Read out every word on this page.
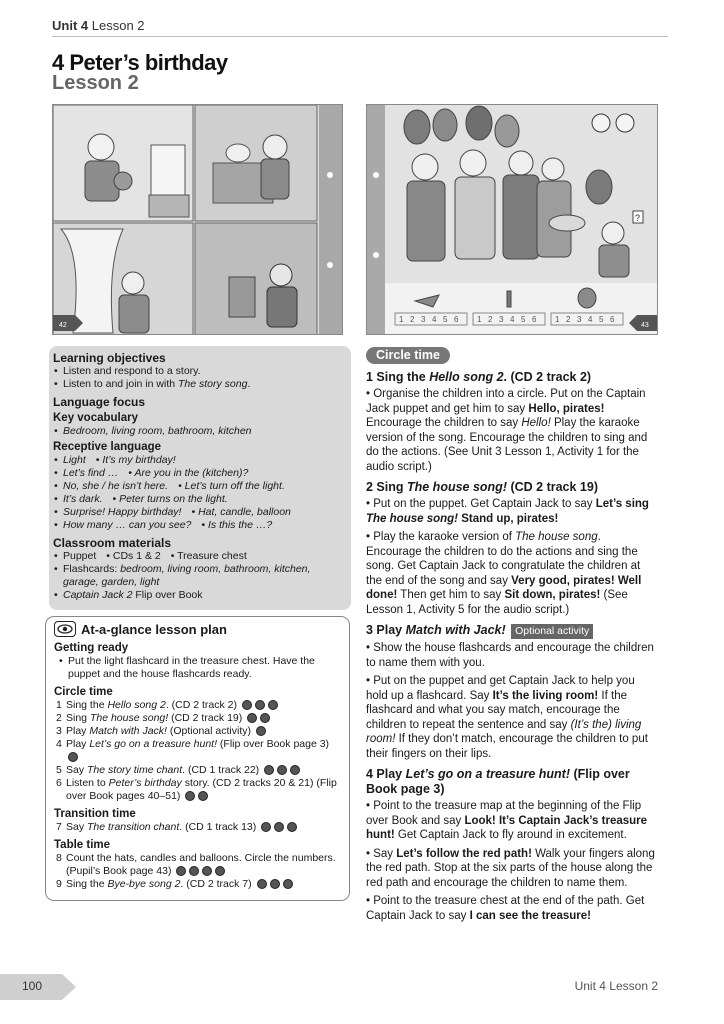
Unit 4 Lesson 2
4 Peter’s birthday
Lesson 2
42
?
1 2 3 4 5 6 1 2 3 4 5 6 1 2 3 4 5 6
43
Learning objectives
• Listen and respond to a story.
• Listen to and join in with The story song.
Language focus
Key vocabulary
• Bedroom, living room, bathroom, kitchen
Receptive language
• Light • It’s my birthday!
• Let’s find … • Are you in the (kitchen)?
• No, she / he isn’t here. • Let’s turn off the light.
• It’s dark. • Peter turns on the light.
• Surprise! Happy birthday! • Hat, candle, balloon
• How many … can you see? • Is this the …?
Classroom materials
• Puppet • CDs 1 & 2 • Treasure chest
• Flashcards: bedroom, living room, bathroom, kitchen, garage, garden, light
• Captain Jack 2 Flip over Book
At-a-glance lesson plan
Getting ready
• Put the light flashcard in the treasure chest. Have the puppet and the house flashcards ready.
Circle time
1 Sing the Hello song 2. (CD 2 track 2)
2 Sing The house song! (CD 2 track 19)
3 Play Match with Jack! (Optional activity)
4 Play Let’s go on a treasure hunt! (Flip over Book page 3)
5 Say The story time chant. (CD 1 track 22)
6 Listen to Peter’s birthday story. (CD 2 tracks 20 & 21) (Flip over Book pages 40–51)
Transition time
7 Say The transition chant. (CD 1 track 13)
Table time
8 Count the hats, candles and balloons. Circle the numbers. (Pupil’s Book page 43)
9 Sing the Bye-bye song 2. (CD 2 track 7)
Circle time
1 Sing the Hello song 2. (CD 2 track 2)
• Organise the children into a circle. Put on the Captain Jack puppet and get him to say Hello, pirates! Encourage the children to say Hello! Play the karaoke version of the song. Encourage the children to sing and do the actions. (See Unit 3 Lesson 1, Activity 1 for the audio script.)
2 Sing The house song! (CD 2 track 19)
• Put on the puppet. Get Captain Jack to say Let’s sing The house song! Stand up, pirates!
• Play the karaoke version of The house song. Encourage the children to do the actions and sing the song. Get Captain Jack to congratulate the children at the end of the song and say Very good, pirates! Well done! Then get him to say Sit down, pirates! (See Lesson 1, Activity 5 for the audio script.)
3 Play Match with Jack! Optional activity
• Show the house flashcards and encourage the children to name them with you.
• Put on the puppet and get Captain Jack to help you hold up a flashcard. Say It’s the living room! If the flashcard and what you say match, encourage the children to repeat the sentence and say (It’s the) living room! If they don’t match, encourage the children to put their fingers on their lips.
4 Play Let’s go on a treasure hunt! (Flip over Book page 3)
• Point to the treasure map at the beginning of the Flip over Book and say Look! It’s Captain Jack’s treasure hunt! Get Captain Jack to fly around in excitement.
• Say Let’s follow the red path! Walk your fingers along the red path. Stop at the six parts of the house along the red path and encourage the children to name them.
• Point to the treasure chest at the end of the path. Get Captain Jack to say I can see the treasure!
100	Unit 4 Lesson 2
